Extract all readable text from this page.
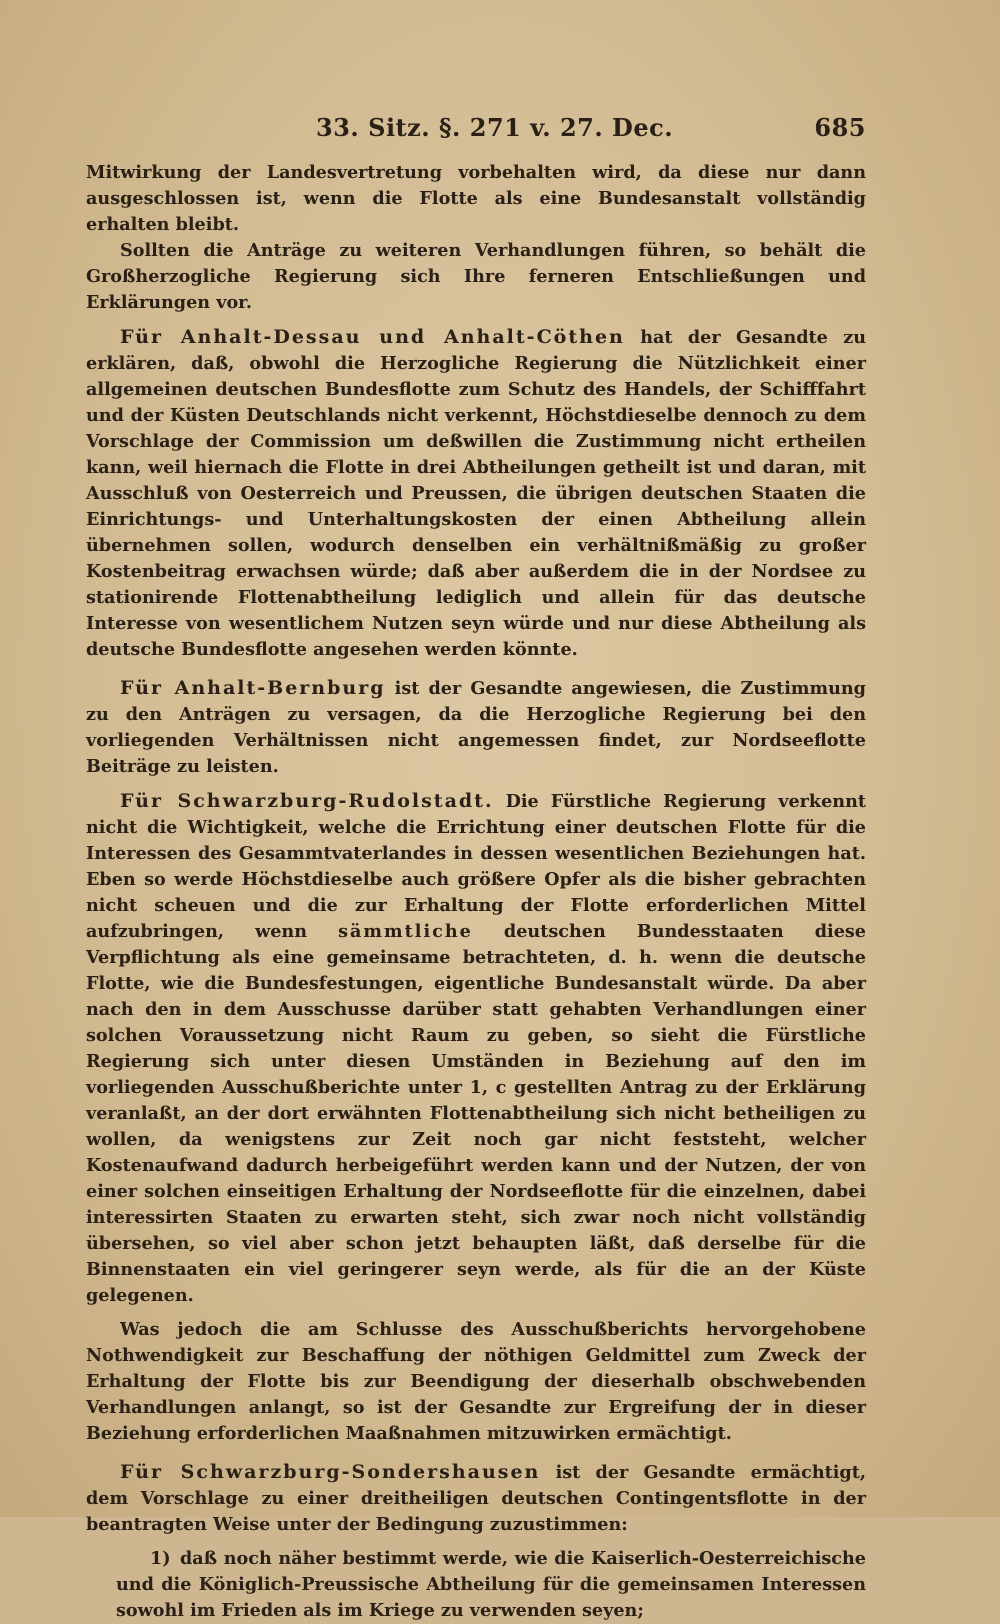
33. Sitz. §. 271 v. 27. Dec.	685

Mitwirkung der Landesvertretung vorbehalten wird, da diese nur dann ausgeschlossen ist, wenn die Flotte als eine Bundesanstalt vollständig erhalten bleibt.

Sollten die Anträge zu weiteren Verhandlungen führen, so behält die Großherzogliche Regierung sich Ihre ferneren Entschließungen und Erklärungen vor.

Für Anhalt-Dessau und Anhalt-Cöthen hat der Gesandte zu erklären, daß, obwohl die Herzogliche Regierung die Nützlichkeit einer allgemeinen deutschen Bundesflotte zum Schutz des Handels, der Schifffahrt und der Küsten Deutschlands nicht verkennt, Höchstdieselbe dennoch zu dem Vorschlage der Commission um deßwillen die Zustimmung nicht ertheilen kann, weil hiernach die Flotte in drei Abtheilungen getheilt ist und daran, mit Ausschluß von Oesterreich und Preussen, die übrigen deutschen Staaten die Einrichtungs- und Unterhaltungskosten der einen Abtheilung allein übernehmen sollen, wodurch denselben ein verhältnißmäßig zu großer Kostenbeitrag erwachsen würde; daß aber außerdem die in der Nordsee zu stationirende Flottenabtheilung lediglich und allein für das deutsche Interesse von wesentlichem Nutzen seyn würde und nur diese Abtheilung als deutsche Bundesflotte angesehen werden könnte.

Für Anhalt-Bernburg ist der Gesandte angewiesen, die Zustimmung zu den Anträgen zu versagen, da die Herzogliche Regierung bei den vorliegenden Verhältnissen nicht angemessen findet, zur Nordseeflotte Beiträge zu leisten.

Für Schwarzburg-Rudolstadt. Die Fürstliche Regierung verkennt nicht die Wichtigkeit, welche die Errichtung einer deutschen Flotte für die Interessen des Gesammtvaterlandes in dessen wesentlichen Beziehungen hat. Eben so werde Höchstdieselbe auch größere Opfer als die bisher gebrachten nicht scheuen und die zur Erhaltung der Flotte erforderlichen Mittel aufzubringen, wenn sämmtliche deutschen Bundesstaaten diese Verpflichtung als eine gemeinsame betrachteten, d. h. wenn die deutsche Flotte, wie die Bundesfestungen, eigentliche Bundesanstalt würde. Da aber nach den in dem Ausschusse darüber statt gehabten Verhandlungen einer solchen Voraussetzung nicht Raum zu geben, so sieht die Fürstliche Regierung sich unter diesen Umständen in Beziehung auf den im vorliegenden Ausschußberichte unter 1, c gestellten Antrag zu der Erklärung veranlaßt, an der dort erwähnten Flottenabtheilung sich nicht betheiligen zu wollen, da wenigstens zur Zeit noch gar nicht feststeht, welcher Kostenaufwand dadurch herbeigeführt werden kann und der Nutzen, der von einer solchen einseitigen Erhaltung der Nordseeflotte für die einzelnen, dabei interessirten Staaten zu erwarten steht, sich zwar noch nicht vollständig übersehen, so viel aber schon jetzt behaupten läßt, daß derselbe für die Binnenstaaten ein viel geringerer seyn werde, als für die an der Küste gelegenen.

Was jedoch die am Schlusse des Ausschußberichts hervorgehobene Nothwendigkeit zur Beschaffung der nöthigen Geldmittel zum Zweck der Erhaltung der Flotte bis zur Beendigung der dieserhalb obschwebenden Verhandlungen anlangt, so ist der Gesandte zur Ergreifung der in dieser Beziehung erforderlichen Maaßnahmen mitzuwirken ermächtigt.

Für Schwarzburg-Sondershausen ist der Gesandte ermächtigt, dem Vorschlage zu einer dreitheiligen deutschen Contingentsflotte in der beantragten Weise unter der Bedingung zuzustimmen:

1) daß noch näher bestimmt werde, wie die Kaiserlich-Oesterreichische und die Königlich-Preussische Abtheilung für die gemeinsamen Interessen sowohl im Frieden als im Kriege zu verwenden seyen;
